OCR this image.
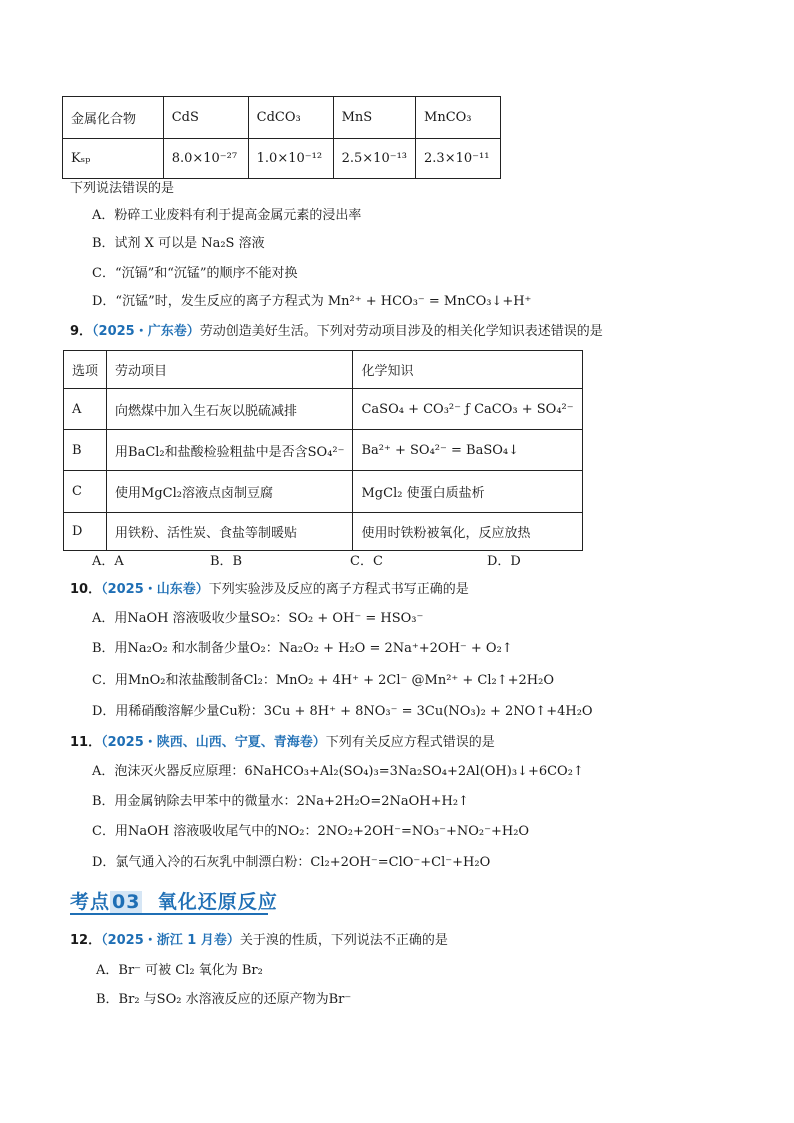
金属化合物	CdS	CdCO₃	MnS	MnCO₃
Kₛₚ	8.0×10⁻²⁷	1.0×10⁻¹²	2.5×10⁻¹³	2.3×10⁻¹¹
下列说法错误的是
A．粉碎工业废料有利于提高金属元素的浸出率
B．试剂 X 可以是 Na₂S 溶液
C．“沉镉”和“沉锰”的顺序不能对换
D．“沉锰”时，发生反应的离子方程式为 Mn²⁺ + HCO₃⁻ = MnCO₃↓+H⁺
9．（2025・广东卷）劳动创造美好生活。下列对劳动项目涉及的相关化学知识表述错误的是
选项	劳动项目	化学知识
A	向燃煤中加入生石灰以脱硫减排	CaSO₄ + CO₃²⁻ ƒ CaCO₃ + SO₄²⁻
B	用BaCl₂和盐酸检验粗盐中是否含SO₄²⁻	Ba²⁺ + SO₄²⁻ = BaSO₄↓
C	使用MgCl₂溶液点卤制豆腐	MgCl₂ 使蛋白质盐析
D	用铁粉、活性炭、食盐等制暖贴	使用时铁粉被氧化，反应放热
A．A	B．B	C．C	D．D
10．（2025・山东卷）下列实验涉及反应的离子方程式书写正确的是
A．用NaOH 溶液吸收少量SO₂：SO₂ + OH⁻ = HSO₃⁻
B．用Na₂O₂ 和水制备少量O₂：Na₂O₂ + H₂O = 2Na⁺+2OH⁻ + O₂↑
C．用MnO₂和浓盐酸制备Cl₂：MnO₂ + 4H⁺ + 2Cl⁻ @Mn²⁺ + Cl₂↑+2H₂O
D．用稀硝酸溶解少量Cu粉：3Cu + 8H⁺ + 8NO₃⁻ = 3Cu(NO₃)₂ + 2NO↑+4H₂O
11．（2025・陕西、山西、宁夏、青海卷）下列有关反应方程式错误的是
A．泡沫灭火器反应原理：6NaHCO₃+Al₂(SO₄)₃=3Na₂SO₄+2Al(OH)₃↓+6CO₂↑
B．用金属钠除去甲苯中的微量水：2Na+2H₂O=2NaOH+H₂↑
C．用NaOH 溶液吸收尾气中的NO₂：2NO₂+2OH⁻=NO₃⁻+NO₂⁻+H₂O
D．氯气通入冷的石灰乳中制漂白粉：Cl₂+2OH⁻=ClO⁻+Cl⁻+H₂O
考点 03 氧化还原反应
12．（2025・浙江 1 月卷）关于溴的性质，下列说法不正确的是
A．Br⁻ 可被 Cl₂ 氧化为 Br₂
B．Br₂ 与SO₂ 水溶液反应的还原产物为Br⁻
